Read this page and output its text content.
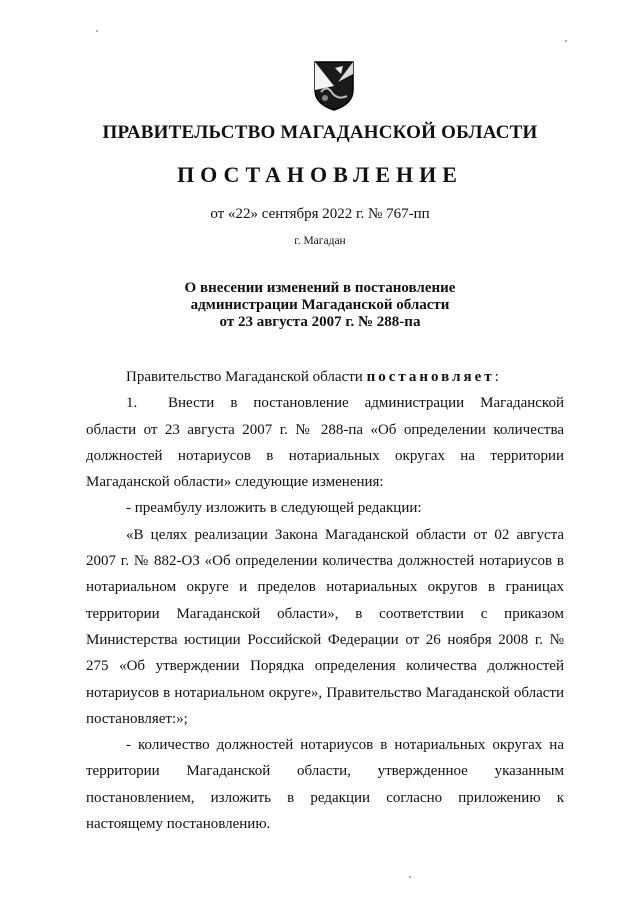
ПРАВИТЕЛЬСТВО МАГАДАНСКОЙ ОБЛАСТИ
ПОСТАНОВЛЕНИЕ
от «22» сентября 2022 г. № 767-пп
г. Магадан
О внесении изменений в постановление
администрации Магаданской области
от 23 августа 2007 г. № 288-па

Правительство Магаданской области постановляет:

1. Внести в постановление администрации Магаданской области от 23 августа 2007 г. № 288-па «Об определении количества должностей нотариусов в нотариальных округах на территории Магаданской области» следующие изменения:

- преамбулу изложить в следующей редакции:

«В целях реализации Закона Магаданской области от 02 августа 2007 г. № 882-ОЗ «Об определении количества должностей нотариусов в нотариальном округе и пределов нотариальных округов в границах территории Магаданской области», в соответствии с приказом Министерства юстиции Российской Федерации от 26 ноября 2008 г. № 275 «Об утверждении Порядка определения количества должностей нотариусов в нотариальном округе», Правительство Магаданской области постановляет:»;

- количество должностей нотариусов в нотариальных округах на территории Магаданской области, утвержденное указанным постановлением, изложить в редакции согласно приложению к настоящему постановлению.
